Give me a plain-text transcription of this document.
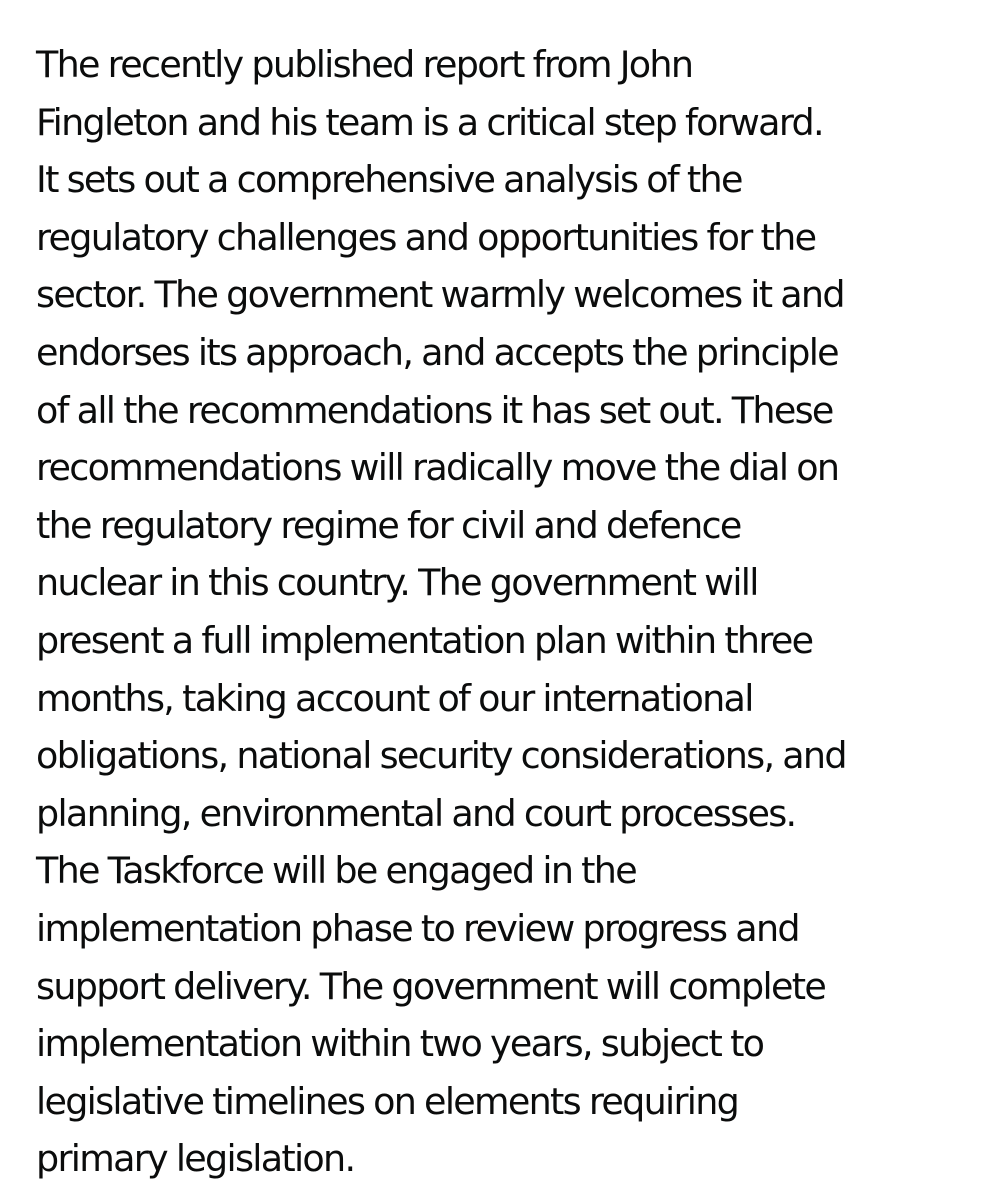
The recently published report from John
Fingleton and his team is a critical step forward.
It sets out a comprehensive analysis of the
regulatory challenges and opportunities for the
sector. The government warmly welcomes it and
endorses its approach, and accepts the principle
of all the recommendations it has set out. These
recommendations will radically move the dial on
the regulatory regime for civil and defence
nuclear in this country. The government will
present a full implementation plan within three
months, taking account of our international
obligations, national security considerations, and
planning, environmental and court processes.
The Taskforce will be engaged in the
implementation phase to review progress and
support delivery. The government will complete
implementation within two years, subject to
legislative timelines on elements requiring
primary legislation.
